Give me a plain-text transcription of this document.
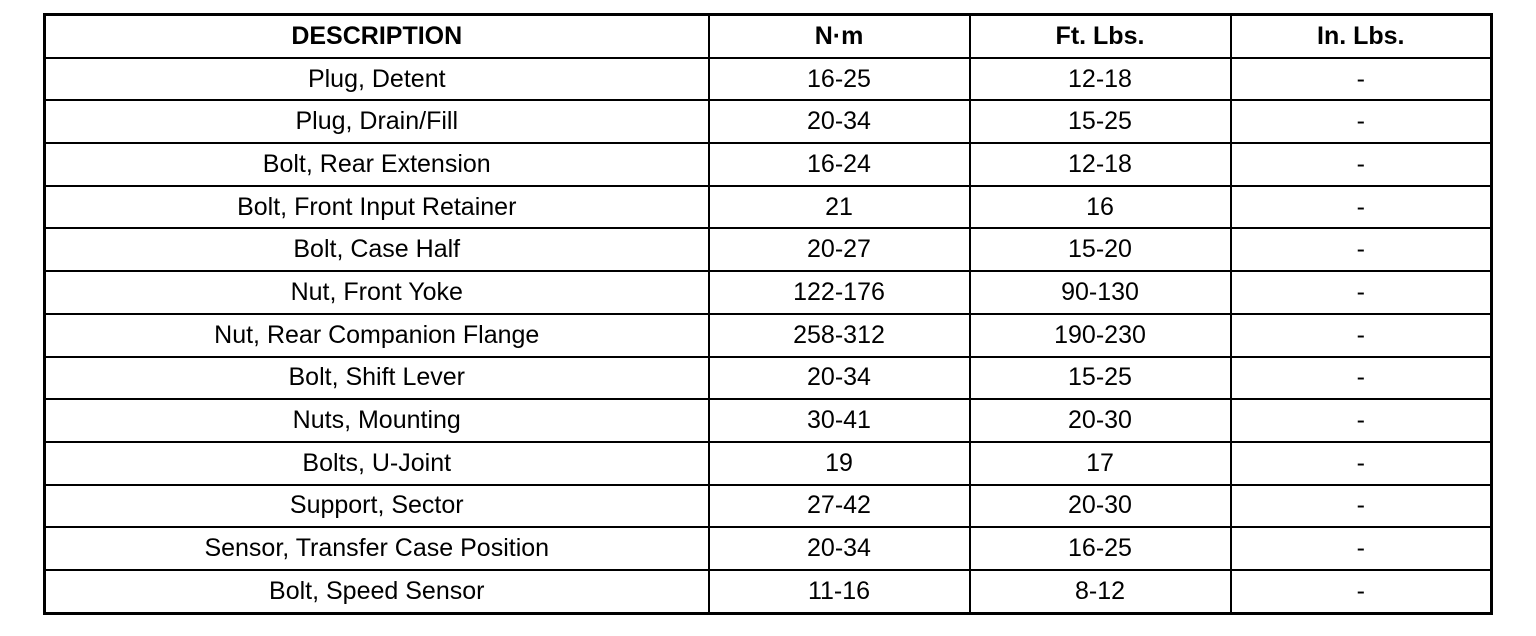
DESCRIPTION	N·m	Ft. Lbs.	In. Lbs.
Plug, Detent	16-25	12-18	-
Plug, Drain/Fill	20-34	15-25	-
Bolt, Rear Extension	16-24	12-18	-
Bolt, Front Input Retainer	21	16	-
Bolt, Case Half	20-27	15-20	-
Nut, Front Yoke	122-176	90-130	-
Nut, Rear Companion Flange	258-312	190-230	-
Bolt, Shift Lever	20-34	15-25	-
Nuts, Mounting	30-41	20-30	-
Bolts, U-Joint	19	17	-
Support, Sector	27-42	20-30	-
Sensor, Transfer Case Position	20-34	16-25	-
Bolt, Speed Sensor	11-16	8-12	-
